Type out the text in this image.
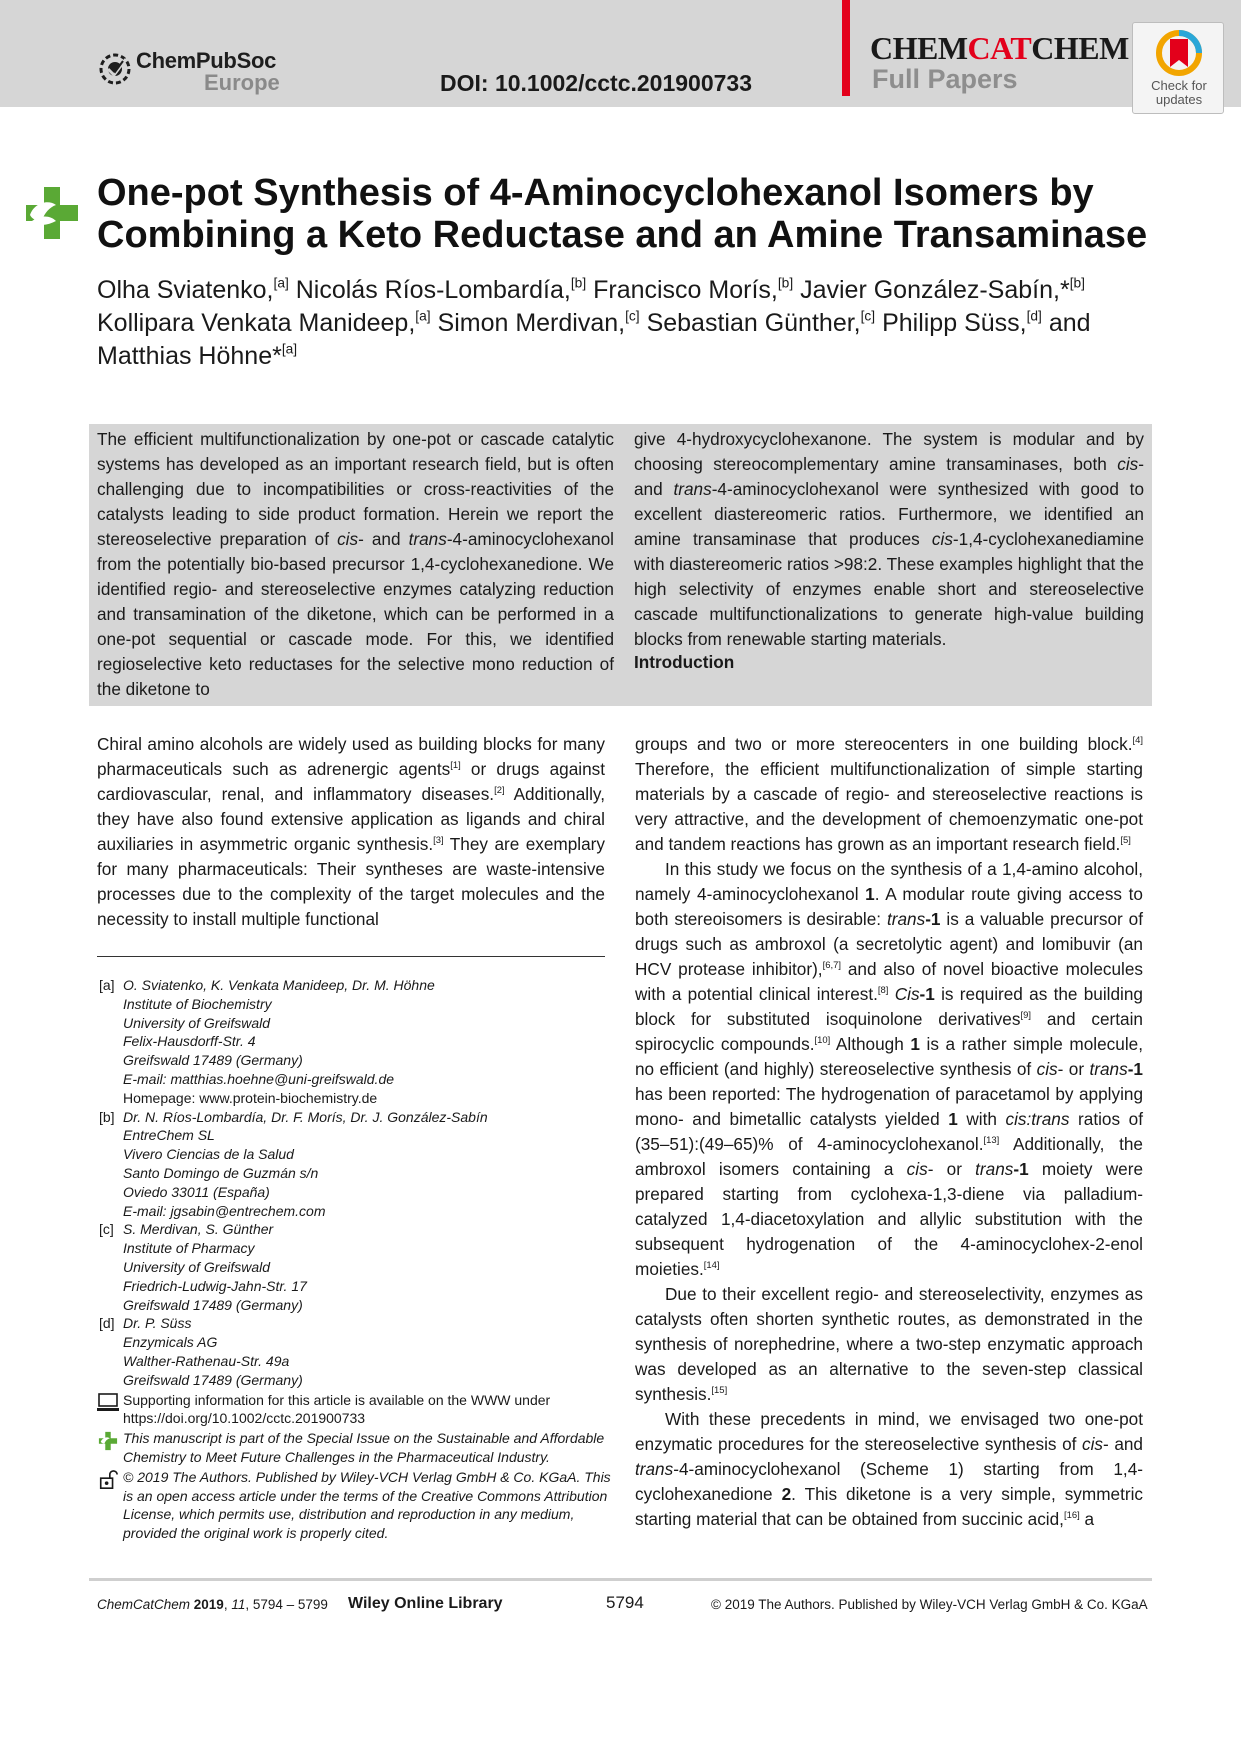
ChemPubSoc
Europe	DOI: 10.1002/cctc.201900733
CHEMCATCHEM
Full Papers	Check for
updates
One-pot Synthesis of 4-Aminocyclohexanol Isomers by
Combining a Keto Reductase and an Amine Transaminase
Olha Sviatenko,[a] Nicolás Ríos-Lombardía,[b] Francisco Morís,[b] Javier González-Sabín,*[b]
Kollipara Venkata Manideep,[a] Simon Merdivan,[c] Sebastian Günther,[c] Philipp Süss,[d] and
Matthias Höhne*[a]
The efficient multifunctionalization by one-pot or cascade catalytic systems has developed as an important research field, but is often challenging due to incompatibilities or cross-reactivities of the catalysts leading to side product formation. Herein we report the stereoselective preparation of cis- and trans-4-aminocyclohexanol from the potentially bio-based precursor 1,4-cyclohexanedione. We identified regio- and stereoselective enzymes catalyzing reduction and transamination of the diketone, which can be performed in a one-pot sequential or cascade mode. For this, we identified regioselective keto reductases for the selective mono reduction of the diketone to
give 4-hydroxycyclohexanone. The system is modular and by choosing stereocomplementary amine transaminases, both cis- and trans-4-aminocyclohexanol were synthesized with good to excellent diastereomeric ratios. Furthermore, we identified an amine transaminase that produces cis-1,4-cyclohexanediamine with diastereomeric ratios >98:2. These examples highlight that the high selectivity of enzymes enable short and stereoselective cascade multifunctionalizations to generate high-value building blocks from renewable starting materials.
Introduction
Chiral amino alcohols are widely used as building blocks for many pharmaceuticals such as adrenergic agents[1] or drugs against cardiovascular, renal, and inflammatory diseases.[2] Additionally, they have also found extensive application as ligands and chiral auxiliaries in asymmetric organic synthesis.[3] They are exemplary for many pharmaceuticals: Their syntheses are waste-intensive processes due to the complexity of the target molecules and the necessity to install multiple functional
[a] O. Sviatenko, K. Venkata Manideep, Dr. M. Höhne
Institute of Biochemistry
University of Greifswald
Felix-Hausdorff-Str. 4
Greifswald 17489 (Germany)
E-mail: matthias.hoehne@uni-greifswald.de
Homepage: www.protein-biochemistry.de
[b] Dr. N. Ríos-Lombardía, Dr. F. Morís, Dr. J. González-Sabín
EntreChem SL
Vivero Ciencias de la Salud
Santo Domingo de Guzmán s/n
Oviedo 33011 (España)
E-mail: jgsabin@entrechem.com
[c] S. Merdivan, S. Günther
Institute of Pharmacy
University of Greifswald
Friedrich-Ludwig-Jahn-Str. 17
Greifswald 17489 (Germany)
[d] Dr. P. Süss
Enzymicals AG
Walther-Rathenau-Str. 49a
Greifswald 17489 (Germany)
Supporting information for this article is available on the WWW under
https://doi.org/10.1002/cctc.201900733
This manuscript is part of the Special Issue on the Sustainable and Affordable Chemistry to Meet Future Challenges in the Pharmaceutical Industry.
© 2019 The Authors. Published by Wiley-VCH Verlag GmbH & Co. KGaA. This is an open access article under the terms of the Creative Commons Attribution License, which permits use, distribution and reproduction in any medium, provided the original work is properly cited.

groups and two or more stereocenters in one building block.[4] Therefore, the efficient multifunctionalization of simple starting materials by a cascade of regio- and stereoselective reactions is very attractive, and the development of chemoenzymatic one-pot and tandem reactions has grown as an important research field.[5]

In this study we focus on the synthesis of a 1,4-amino alcohol, namely 4-aminocyclohexanol 1. A modular route giving access to both stereoisomers is desirable: trans-1 is a valuable precursor of drugs such as ambroxol (a secretolytic agent) and lomibuvir (an HCV protease inhibitor),[6,7] and also of novel bioactive molecules with a potential clinical interest.[8] Cis-1 is required as the building block for substituted isoquinolone derivatives[9] and certain spirocyclic compounds.[10] Although 1 is a rather simple molecule, no efficient (and highly) stereoselective synthesis of cis- or trans-1 has been reported: The hydrogenation of paracetamol by applying mono- and bimetallic catalysts yielded 1 with cis:trans ratios of (35–51):(49–65)% of 4-aminocyclohexanol.[13] Additionally, the ambroxol isomers containing a cis- or trans-1 moiety were prepared starting from cyclohexa-1,3-diene via palladium-catalyzed 1,4-diacetoxylation and allylic substitution with the subsequent hydrogenation of the 4-aminocyclohex-2-enol moieties.[14]

Due to their excellent regio- and stereoselectivity, enzymes as catalysts often shorten synthetic routes, as demonstrated in the synthesis of norephedrine, where a two-step enzymatic approach was developed as an alternative to the seven-step classical synthesis.[15]

With these precedents in mind, we envisaged two one-pot enzymatic procedures for the stereoselective synthesis of cis- and trans-4-aminocyclohexanol (Scheme 1) starting from 1,4-cyclohexanedione 2. This diketone is a very simple, symmetric starting material that can be obtained from succinic acid,[16] a

ChemCatChem 2019, 11, 5794 – 5799 Wiley Online Library	5794	© 2019 The Authors. Published by Wiley-VCH Verlag GmbH & Co. KGaA
